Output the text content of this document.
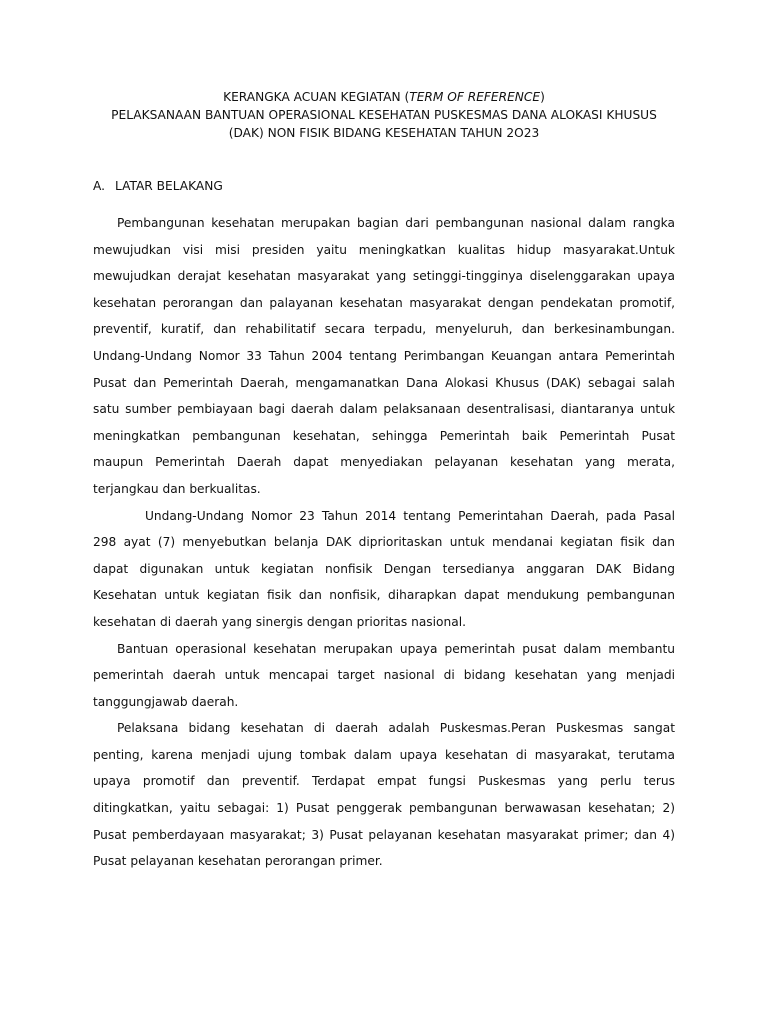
KERANGKA ACUAN KEGIATAN (TERM OF REFERENCE)
PELAKSANAAN BANTUAN OPERASIONAL KESEHATAN PUSKESMAS DANA ALOKASI KHUSUS
(DAK) NON FISIK BIDANG KESEHATAN TAHUN 2O23
A. LATAR BELAKANG
Pembangunan kesehatan merupakan bagian dari pembangunan nasional dalam rangka
mewujudkan visi misi presiden yaitu meningkatkan kualitas hidup masyarakat.Untuk
mewujudkan derajat kesehatan masyarakat yang setinggi-tingginya diselenggarakan upaya
kesehatan perorangan dan palayanan kesehatan masyarakat dengan pendekatan promotif,
preventif, kuratif, dan rehabilitatif secara terpadu, menyeluruh, dan berkesinambungan.
Undang-Undang Nomor 33 Tahun 2004 tentang Perimbangan Keuangan antara Pemerintah
Pusat dan Pemerintah Daerah, mengamanatkan Dana Alokasi Khusus (DAK) sebagai salah
satu sumber pembiayaan bagi daerah dalam pelaksanaan desentralisasi, diantaranya untuk
meningkatkan pembangunan kesehatan, sehingga Pemerintah baik Pemerintah Pusat
maupun Pemerintah Daerah dapat menyediakan pelayanan kesehatan yang merata,
terjangkau dan berkualitas.
Undang-Undang Nomor 23 Tahun 2014 tentang Pemerintahan Daerah, pada Pasal
298 ayat (7) menyebutkan belanja DAK diprioritaskan untuk mendanai kegiatan fisik dan
dapat digunakan untuk kegiatan nonfisik Dengan tersedianya anggaran DAK Bidang
Kesehatan untuk kegiatan fisik dan nonfisik, diharapkan dapat mendukung pembangunan
kesehatan di daerah yang sinergis dengan prioritas nasional.
Bantuan operasional kesehatan merupakan upaya pemerintah pusat dalam membantu
pemerintah daerah untuk mencapai target nasional di bidang kesehatan yang menjadi
tanggungjawab daerah.
Pelaksana bidang kesehatan di daerah adalah Puskesmas.Peran Puskesmas sangat
penting, karena menjadi ujung tombak dalam upaya kesehatan di masyarakat, terutama
upaya promotif dan preventif. Terdapat empat fungsi Puskesmas yang perlu terus
ditingkatkan, yaitu sebagai: 1) Pusat penggerak pembangunan berwawasan kesehatan; 2)
Pusat pemberdayaan masyarakat; 3) Pusat pelayanan kesehatan masyarakat primer; dan 4)
Pusat pelayanan kesehatan perorangan primer.
